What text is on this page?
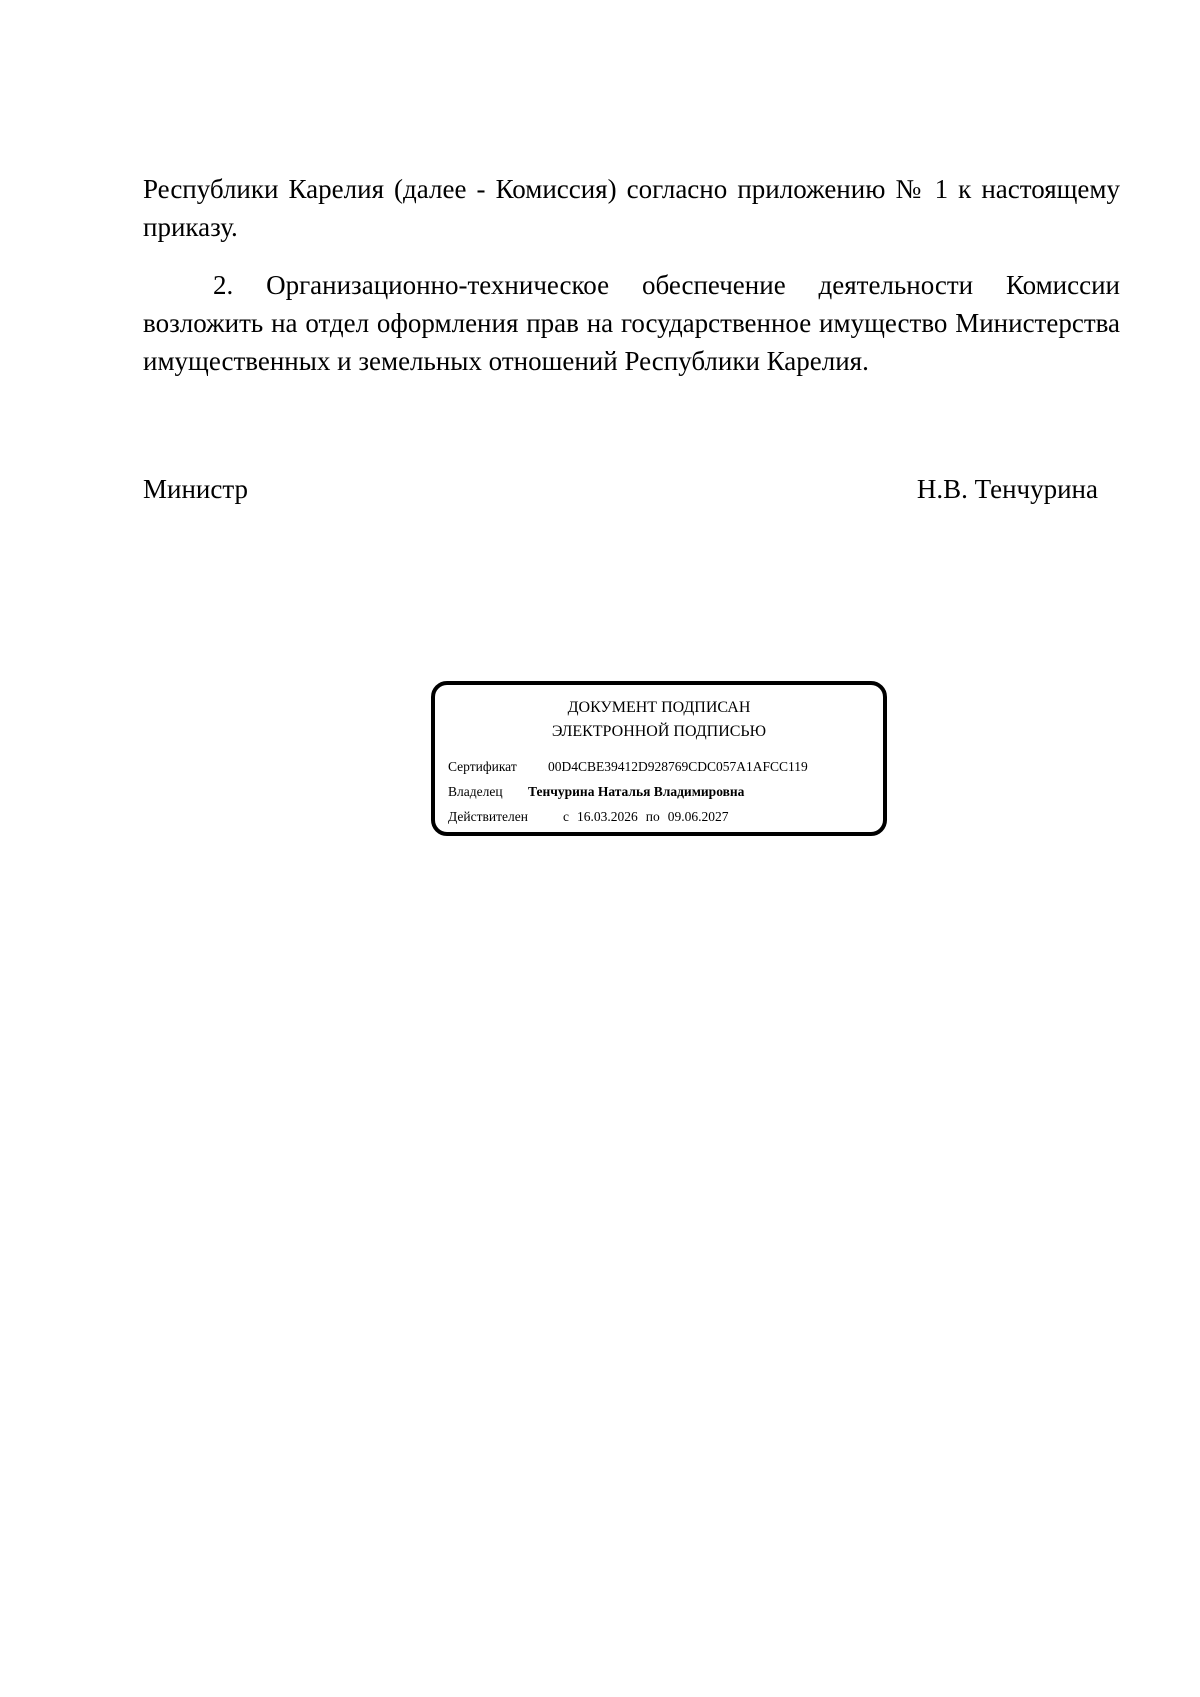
Республики Карелия (далее - Комиссия) согласно приложению № 1 к настоящему приказу.

2. Организационно-техническое обеспечение деятельности Комиссии возложить на отдел оформления прав на государственное имущество Министерства имущественных и земельных отношений Республики Карелия.

Министр	Н.В. Тенчурина
ДОКУМЕНТ ПОДПИСАН
ЭЛЕКТРОННОЙ ПОДПИСЬЮ
Сертификат	00D4CBE39412D928769CDC057A1AFCC119
Владелец	Тенчурина Наталья Владимировна
Действителен	с 16.03.2026 по 09.06.2027
